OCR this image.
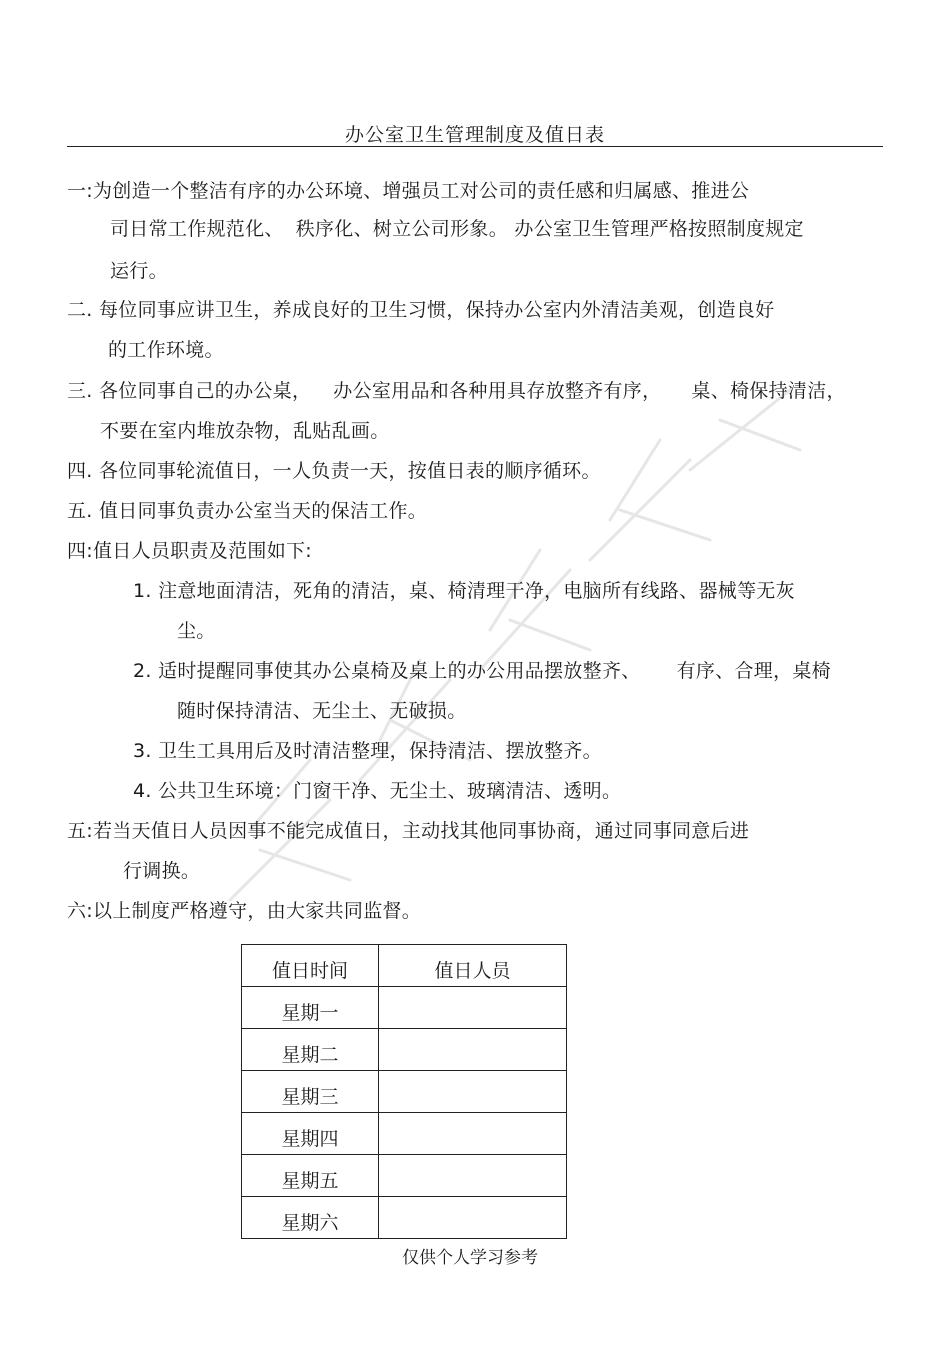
办公室卫生管理制度及值日表
一:为创造一个整洁有序的办公环境、增强员工对公司的责任感和归属感、推进公
司日常工作规范化、 秩序化、树立公司形象。 办公室卫生管理严格按照制度规定
运行。
二. 每位同事应讲卫生，养成良好的卫生习惯，保持办公室内外清洁美观，创造良好
的工作环境。
三. 各位同事自己的办公桌， 办公室用品和各种用具存放整齐有序， 桌、椅保持清洁，
不要在室内堆放杂物，乱贴乱画。
四. 各位同事轮流值日，一人负责一天，按值日表的顺序循环。
五. 值日同事负责办公室当天的保洁工作。
四:值日人员职责及范围如下:
1. 注意地面清洁，死角的清洁，桌、椅清理干净，电脑所有线路、器械等无灰
尘。
2. 适时提醒同事使其办公桌椅及桌上的办公用品摆放整齐、 有序、合理，桌椅
随时保持清洁、无尘土、无破损。
3. 卫生工具用后及时清洁整理，保持清洁、摆放整齐。
4. 公共卫生环境：门窗干净、无尘土、玻璃清洁、透明。
五:若当天值日人员因事不能完成值日，主动找其他同事协商，通过同事同意后进
行调换。
六:以上制度严格遵守，由大家共同监督。
值日时间	值日人员
星期一	
星期二	
星期三	
星期四	
星期五	
星期六	
仅供个人学习参考
